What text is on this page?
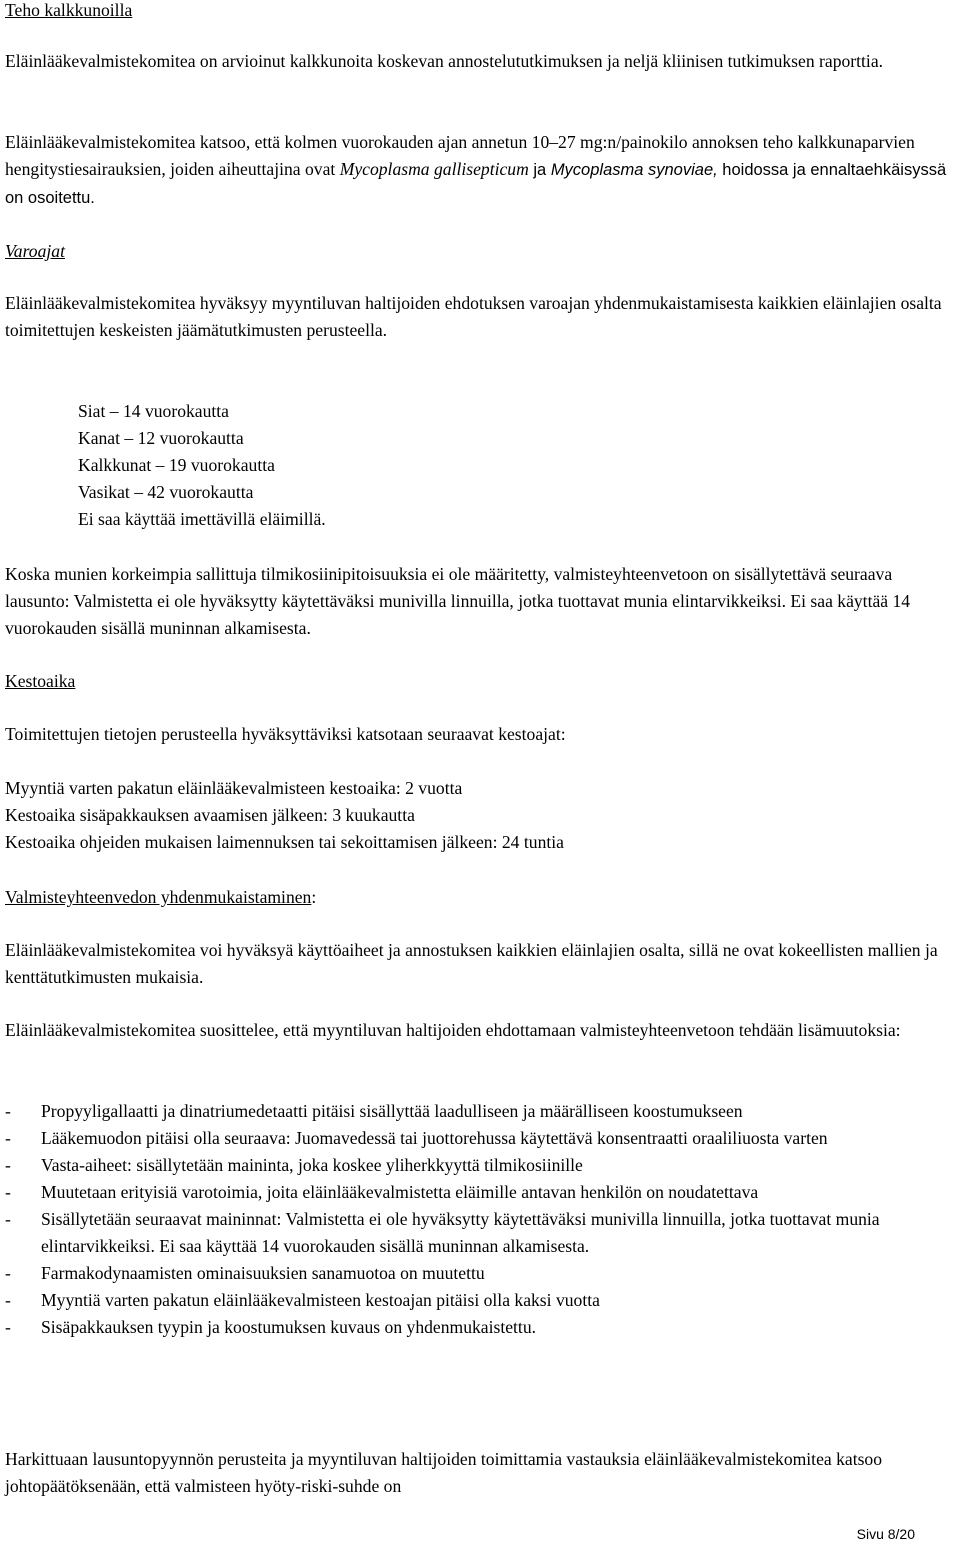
Teho kalkkunoilla

Eläinlääkevalmistekomitea on arvioinut kalkkunoita koskevan annostelututkimuksen ja neljä kliinisen tutkimuksen raporttia.

Eläinlääkevalmistekomitea katsoo, että kolmen vuorokauden ajan annetun 10–27 mg:n/painokilo annoksen teho kalkkunaparvien hengitystiesairauksien, joiden aiheuttajina ovat Mycoplasma gallisepticum ja Mycoplasma synoviae, hoidossa ja ennaltaehkäisyssä on osoitettu.

Varoajat

Eläinlääkevalmistekomitea hyväksyy myyntiluvan haltijoiden ehdotuksen varoajan yhdenmukaistamisesta kaikkien eläinlajien osalta toimitettujen keskeisten jäämätutkimusten perusteella.

Siat – 14 vuorokautta
Kanat – 12 vuorokautta
Kalkkunat – 19 vuorokautta
Vasikat – 42 vuorokautta
Ei saa käyttää imettävillä eläimillä.

Koska munien korkeimpia sallittuja tilmikosiinipitoisuuksia ei ole määritetty, valmisteyhteenvetoon on sisällytettävä seuraava lausunto: Valmistetta ei ole hyväksytty käytettäväksi munivilla linnuilla, jotka tuottavat munia elintarvikkeiksi. Ei saa käyttää 14 vuorokauden sisällä muninnan alkamisesta.

Kestoaika

Toimitettujen tietojen perusteella hyväksyttäviksi katsotaan seuraavat kestoajat:

Myyntiä varten pakatun eläinlääkevalmisteen kestoaika: 2 vuotta
Kestoaika sisäpakkauksen avaamisen jälkeen: 3 kuukautta
Kestoaika ohjeiden mukaisen laimennuksen tai sekoittamisen jälkeen: 24 tuntia

Valmisteyhteenvedon yhdenmukaistaminen:

Eläinlääkevalmistekomitea voi hyväksyä käyttöaiheet ja annostuksen kaikkien eläinlajien osalta, sillä ne ovat kokeellisten mallien ja kenttätutkimusten mukaisia.

Eläinlääkevalmistekomitea suosittelee, että myyntiluvan haltijoiden ehdottamaan valmisteyhteenvetoon tehdään lisämuutoksia:

- Propyyligallaatti ja dinatriumedetaatti pitäisi sisällyttää laadulliseen ja määrälliseen koostumukseen
- Lääkemuodon pitäisi olla seuraava: Juomavedessä tai juottorehussa käytettävä konsentraatti oraaliliuosta varten
- Vasta-aiheet: sisällytetään maininta, joka koskee yliherkkyyttä tilmikosiinille
- Muutetaan erityisiä varotoimia, joita eläinlääkevalmistetta eläimille antavan henkilön on noudatettava
- Sisällytetään seuraavat maininnat: Valmistetta ei ole hyväksytty käytettäväksi munivilla linnuilla, jotka tuottavat munia elintarvikkeiksi. Ei saa käyttää 14 vuorokauden sisällä muninnan alkamisesta.
- Farmakodynaamisten ominaisuuksien sanamuotoa on muutettu
- Myyntiä varten pakatun eläinlääkevalmisteen kestoajan pitäisi olla kaksi vuotta
- Sisäpakkauksen tyypin ja koostumuksen kuvaus on yhdenmukaistettu.

Harkittuaan lausuntopyynnön perusteita ja myyntiluvan haltijoiden toimittamia vastauksia eläinlääkevalmistekomitea katsoo johtopäätöksenään, että valmisteen hyöty-riski-suhde on

Sivu 8/20
